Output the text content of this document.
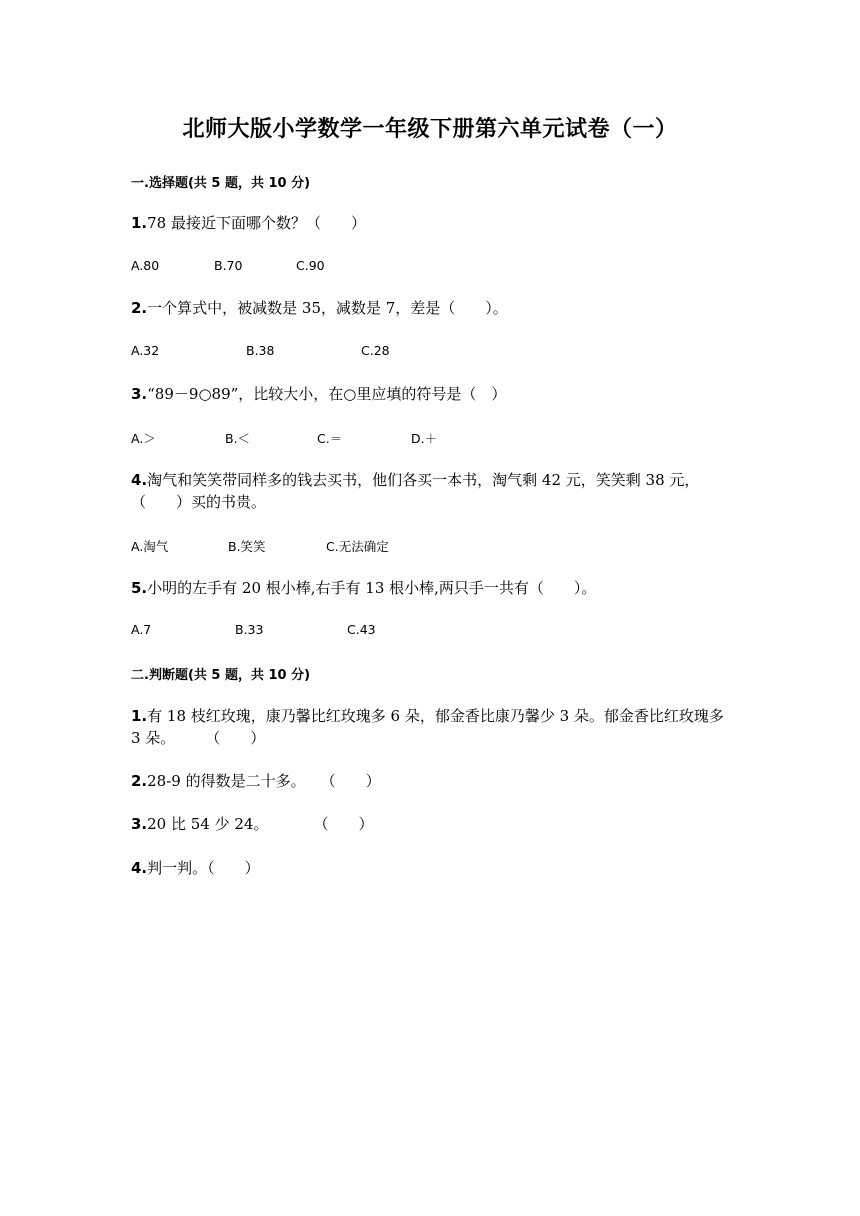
北师大版小学数学一年级下册第六单元试卷（一）
一.选择题(共 5 题，共 10 分)
1.78 最接近下面哪个数？（　　）
A.80	B.70	C.90
2.一个算式中，被减数是 35，减数是 7，差是（　　）。
A.32	B.38	C.28
3.“89－9○89”，比较大小，在○里应填的符号是（　）
A.＞	B.＜	C.＝	D.＋
4.淘气和笑笑带同样多的钱去买书，他们各买一本书，淘气剩 42 元，笑笑剩 38 元，（　　）买的书贵。
A.淘气	B.笑笑	C.无法确定
5.小明的左手有 20 根小棒,右手有 13 根小棒,两只手一共有（　　）。
A.7	B.33	C.43
二.判断题(共 5 题，共 10 分)
1.有 18 枝红玫瑰，康乃馨比红玫瑰多 6 朵，郁金香比康乃馨少 3 朵。郁金香比红玫瑰多 3 朵。　　　（　　）
2.28-9 的得数是二十多。　　（　　）
3.20 比 54 少 24。　　　　（　　）
4.判一判。（　　）
